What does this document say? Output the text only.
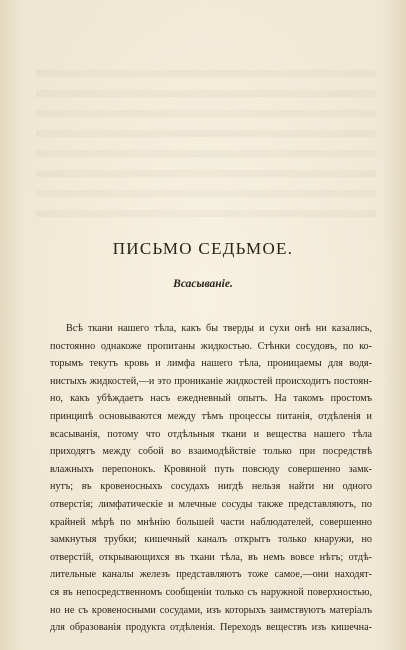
ПИСЬМО СЕДЬМОЕ.
Всасываніе.
Всѣ ткани нашего тѣла, какъ бы тверды и сухи онѣ ни казались,
постоянно однакоже пропитаны жидкостью. Стѣнки сосудовъ, по ко-
торымъ текутъ кровь и лимфа нашего тѣла, проницаемы для водя-
нистыхъ жидкостей,—и это прониканіе жидкостей происходитъ постоян-
но, какъ убѣждаетъ насъ ежедневный опытъ. На такомъ простомъ
принципѣ основываются между тѣмъ процессы питанія, отдѣленія и
всасыванія, потому что отдѣльныя ткани и вещества нашего тѣла
приходятъ между собой во взаимодѣйствіе только при посредствѣ
влажныхъ перепонокъ. Кровяной путь повсюду совершенно замк-
нутъ; въ кровеносныхъ сосудахъ нигдѣ нельзя найти ни одного
отверстія; лимфатическіе и млечные сосуды также представляютъ, по
крайней мѣрѣ по мнѣнію большей части наблюдателей, совершенно
замкнутыя трубки; кишечный каналъ открытъ только кнаружи, но
отверстій, открывающихся въ ткани тѣла, въ немъ вовсе нѣтъ; отдѣ-
лительные каналы железъ представляютъ тоже самое,—они находят-
ся въ непосредственномъ сообщеніи только съ наружной поверхностью,
но не съ кровеносными сосудами, изъ которыхъ заимствуютъ матеріалъ
для образованія продукта отдѣленія. Переходъ веществъ изъ кишечна-
